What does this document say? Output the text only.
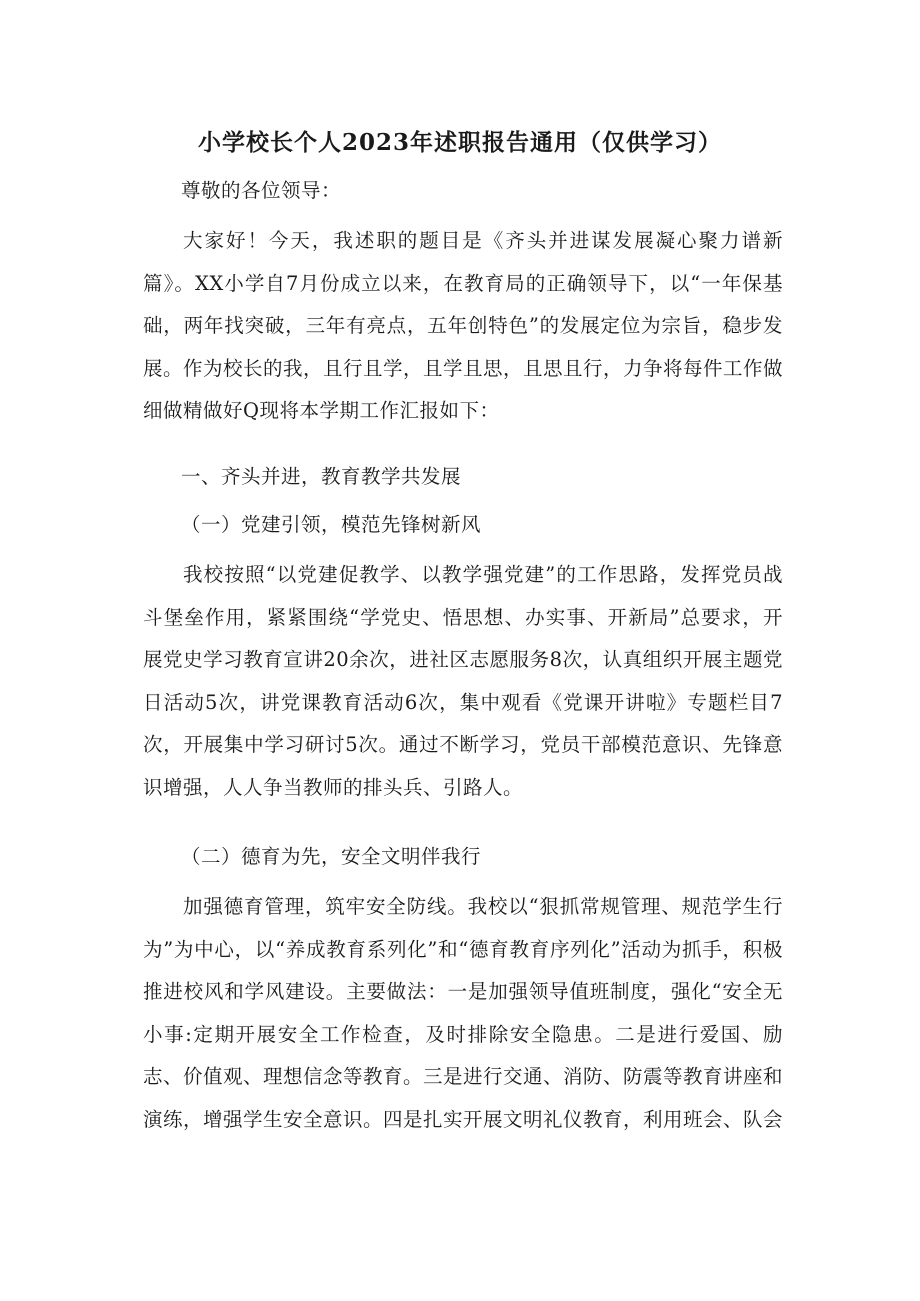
小学校长个人2023年述职报告通用（仅供学习）

尊敬的各位领导：

大家好！今天，我述职的题目是《齐头并进谋发展凝心聚力谱新篇》。XX小学自7月份成立以来，在教育局的正确领导下，以“一年保基础，两年找突破，三年有亮点，五年创特色”的发展定位为宗旨，稳步发展。作为校长的我，且行且学，且学且思，且思且行，力争将每件工作做细做精做好Q现将本学期工作汇报如下：

一、齐头并进，教育教学共发展

（一）党建引领，模范先锋树新风

我校按照“以党建促教学、以教学强党建”的工作思路，发挥党员战斗堡垒作用，紧紧围绕“学党史、悟思想、办实事、开新局”总要求，开展党史学习教育宣讲20余次，进社区志愿服务8次，认真组织开展主题党日活动5次，讲党课教育活动6次，集中观看《党课开讲啦》专题栏目7次，开展集中学习研讨5次。通过不断学习，党员干部模范意识、先锋意识增强，人人争当教师的排头兵、引路人。

（二）德育为先，安全文明伴我行

加强德育管理，筑牢安全防线。我校以“狠抓常规管理、规范学生行为”为中心，以“养成教育系列化”和“德育教育序列化”活动为抓手，积极推进校风和学风建设。主要做法：一是加强领导值班制度，强化“安全无小事:定期开展安全工作检查，及时排除安全隐患。二是进行爱国、励志、价值观、理想信念等教育。三是进行交通、消防、防震等教育讲座和演练，增强学生安全意识。四是扎实开展文明礼仪教育，利用班会、队会
